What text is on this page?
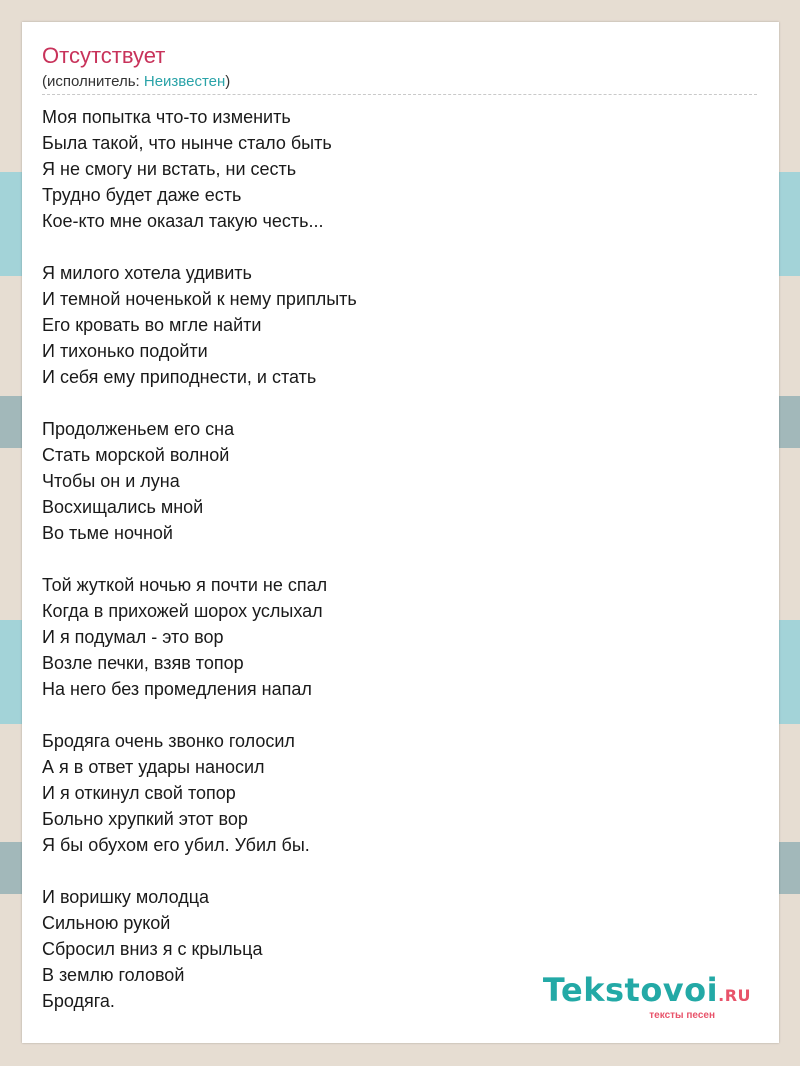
Отсутствует
(исполнитель: Неизвестен)
Моя попытка что-то изменить
Была такой, что нынче стало быть
Я не смогу ни встать, ни сесть
Трудно будет даже есть
Кое-кто мне оказал такую честь...
Я милого хотела удивить
И темной ноченькой к нему приплыть
Его кровать во мгле найти
И тихонько подойти
И себя ему приподнести, и стать
Продолженьем его сна
Стать морской волной
Чтобы он и луна
Восхищались мной
Во тьме ночной
Той жуткой ночью я почти не спал
Когда в прихожей шорох услыхал
И я подумал - это вор
Возле печки, взяв топор
На него без промедления напал
Бродяга очень звонко голосил
А я в ответ удары наносил
И я откинул свой топор
Больно хрупкий этот вор
Я бы обухом его убил. Убил бы.
И воришку молодца
Сильною рукой
Сбросил вниз я с крыльца
В землю головой
Бродяга.	Tekstovoi.RU
тексты песен
